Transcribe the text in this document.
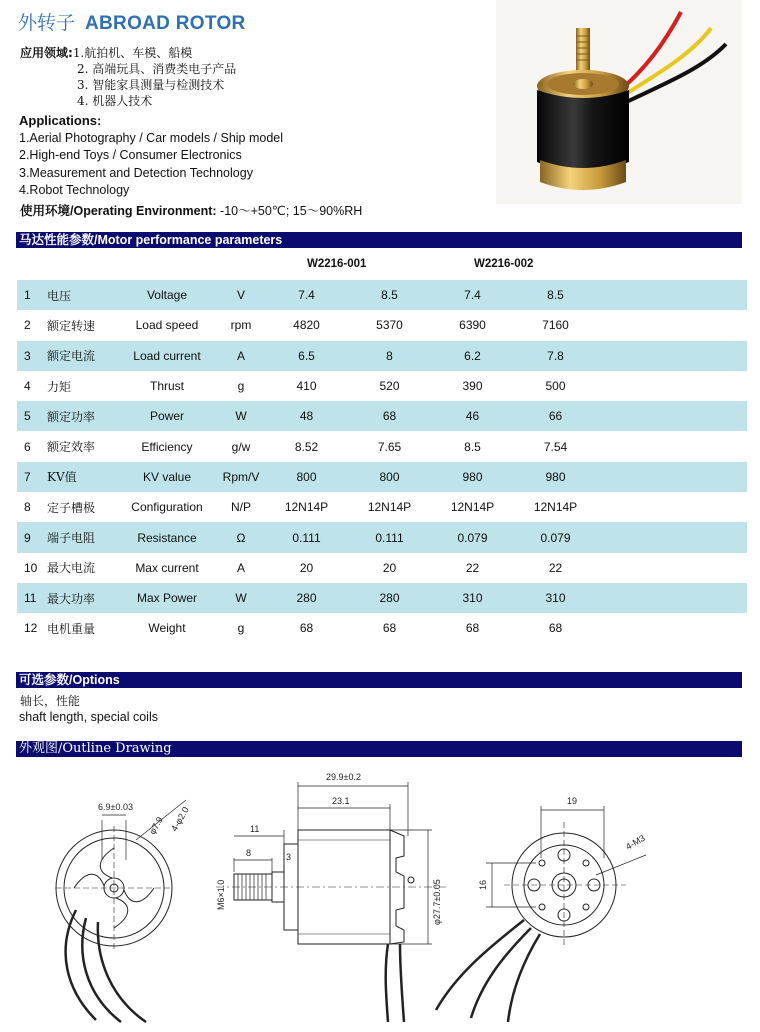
外转子 ABROAD ROTOR
应用领域:1.航拍机、车模、船模
2. 高端玩具、消费类电子产品
3. 智能家具测量与检测技术
4. 机器人技术
Applications:
1.Aerial Photography / Car models / Ship model
2.High-end Toys / Consumer Electronics
3.Measurement and Detection Technology
4.Robot Technology
使用环境/Operating Environment: -10～+50℃; 15～90%RH
马达性能参数/Motor performance parameters
W2216-001	W2216-002
1	电压	Voltage	V	7.4	8.5	7.4	8.5	
2	额定转速	Load speed	rpm	4820	5370	6390	7160	
3	额定电流	Load current	A	6.5	8	6.2	7.8	
4	力矩	Thrust	g	410	520	390	500	
5	额定功率	Power	W	48	68	46	66	
6	额定效率	Efficiency	g/w	8.52	7.65	8.5	7.54	
7	KV值	KV value	Rpm/V	800	800	980	980	
8	定子槽极	Configuration	N/P	12N14P	12N14P	12N14P	12N14P	
9	端子电阻	Resistance	Ω	0.111	0.111	0.079	0.079	
10	最大电流	Max current	A	20	20	22	22	
11	最大功率	Max Power	W	280	280	310	310	
12	电机重量	Weight	g	68	68	68	68	
可选参数/Options
轴长，性能
shaft length, special coils
外观图/Outline Drawing
6.9±0.03
φ7.9 4-φ2.0
29.9±0.2
23.1
11
8
M6×1.0
3
φ27.7±0.05
19
16
4-M3
